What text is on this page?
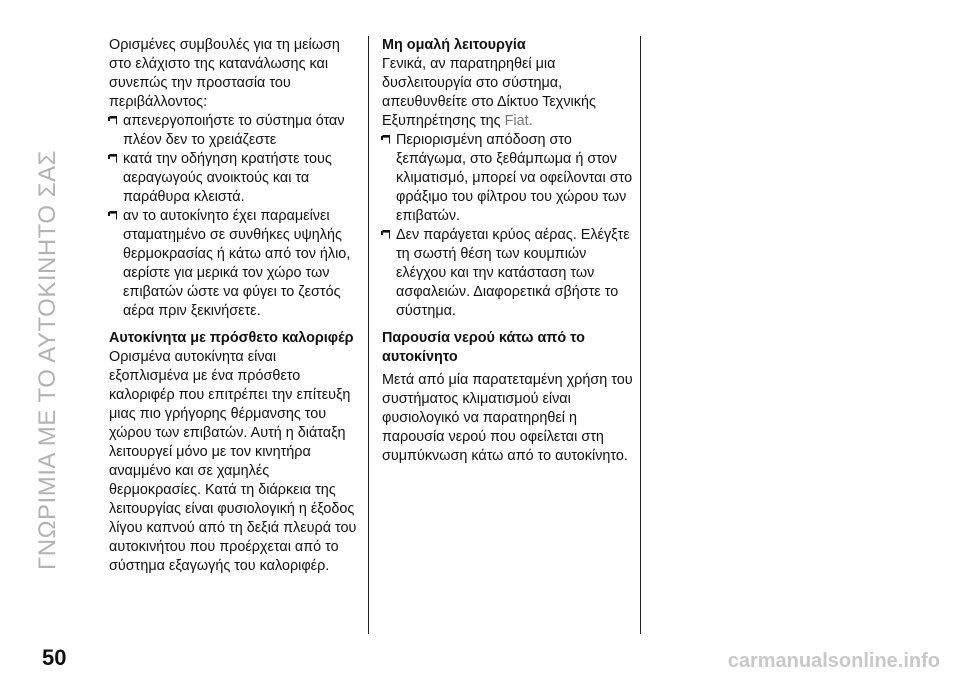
ΓΝΩΡΙΜΙΑ ΜΕ ΤΟ ΑΥΤΟΚΙΝΗΤΟ ΣΑΣ

Ορισμένες συμβουλές για τη μείωση στο ελάχιστο της κατανάλωσης και συνεπώς την προστασία του περιβάλλοντος:

απενεργοποιήστε το σύστημα όταν πλέον δεν το χρειάζεστε

κατά την οδήγηση κρατήστε τους αεραγωγούς ανοικτούς και τα παράθυρα κλειστά.

αν το αυτοκίνητο έχει παραμείνει σταματημένο σε συνθήκες υψηλής θερμοκρασίας ή κάτω από τον ήλιο, αερίστε για μερικά τον χώρο των επιβατών ώστε να φύγει το ζεστός αέρα πριν ξεκινήσετε.

Αυτοκίνητα με πρόσθετο καλοριφέρ

Ορισμένα αυτοκίνητα είναι εξοπλισμένα με ένα πρόσθετο καλοριφέρ που επιτρέπει την επίτευξη μιας πιο γρήγορης θέρμανσης του χώρου των επιβατών. Αυτή η διάταξη λειτουργεί μόνο με τον κινητήρα αναμμένο και σε χαμηλές θερμοκρασίες. Κατά τη διάρκεια της λειτουργίας είναι φυσιολογική η έξοδος λίγου καπνού από τη δεξιά πλευρά του αυτοκινήτου που προέρχεται από το σύστημα εξαγωγής του καλοριφέρ.

Μη ομαλή λειτουργία

Γενικά, αν παρατηρηθεί μια δυσλειτουργία στο σύστημα, απευθυνθείτε στο Δίκτυο Τεχνικής Εξυπηρέτησης της Fiat.

Περιορισμένη απόδοση στο ξεπάγωμα, στο ξεθάμπωμα ή στον κλιματισμό, μπορεί να οφείλονται στο φράξιμο του φίλτρου του χώρου των επιβατών.

Δεν παράγεται κρύος αέρας. Ελέγξτε τη σωστή θέση των κουμπιών ελέγχου και την κατάσταση των ασφαλειών. Διαφορετικά σβήστε το σύστημα.

Παρουσία νερού κάτω από το αυτοκίνητο

Μετά από μία παρατεταμένη χρήση του συστήματος κλιματισμού είναι φυσιολογικό να παρατηρηθεί η παρουσία νερού που οφείλεται στη συμπύκνωση κάτω από το αυτοκίνητο.

50	carmanualsonline.info
